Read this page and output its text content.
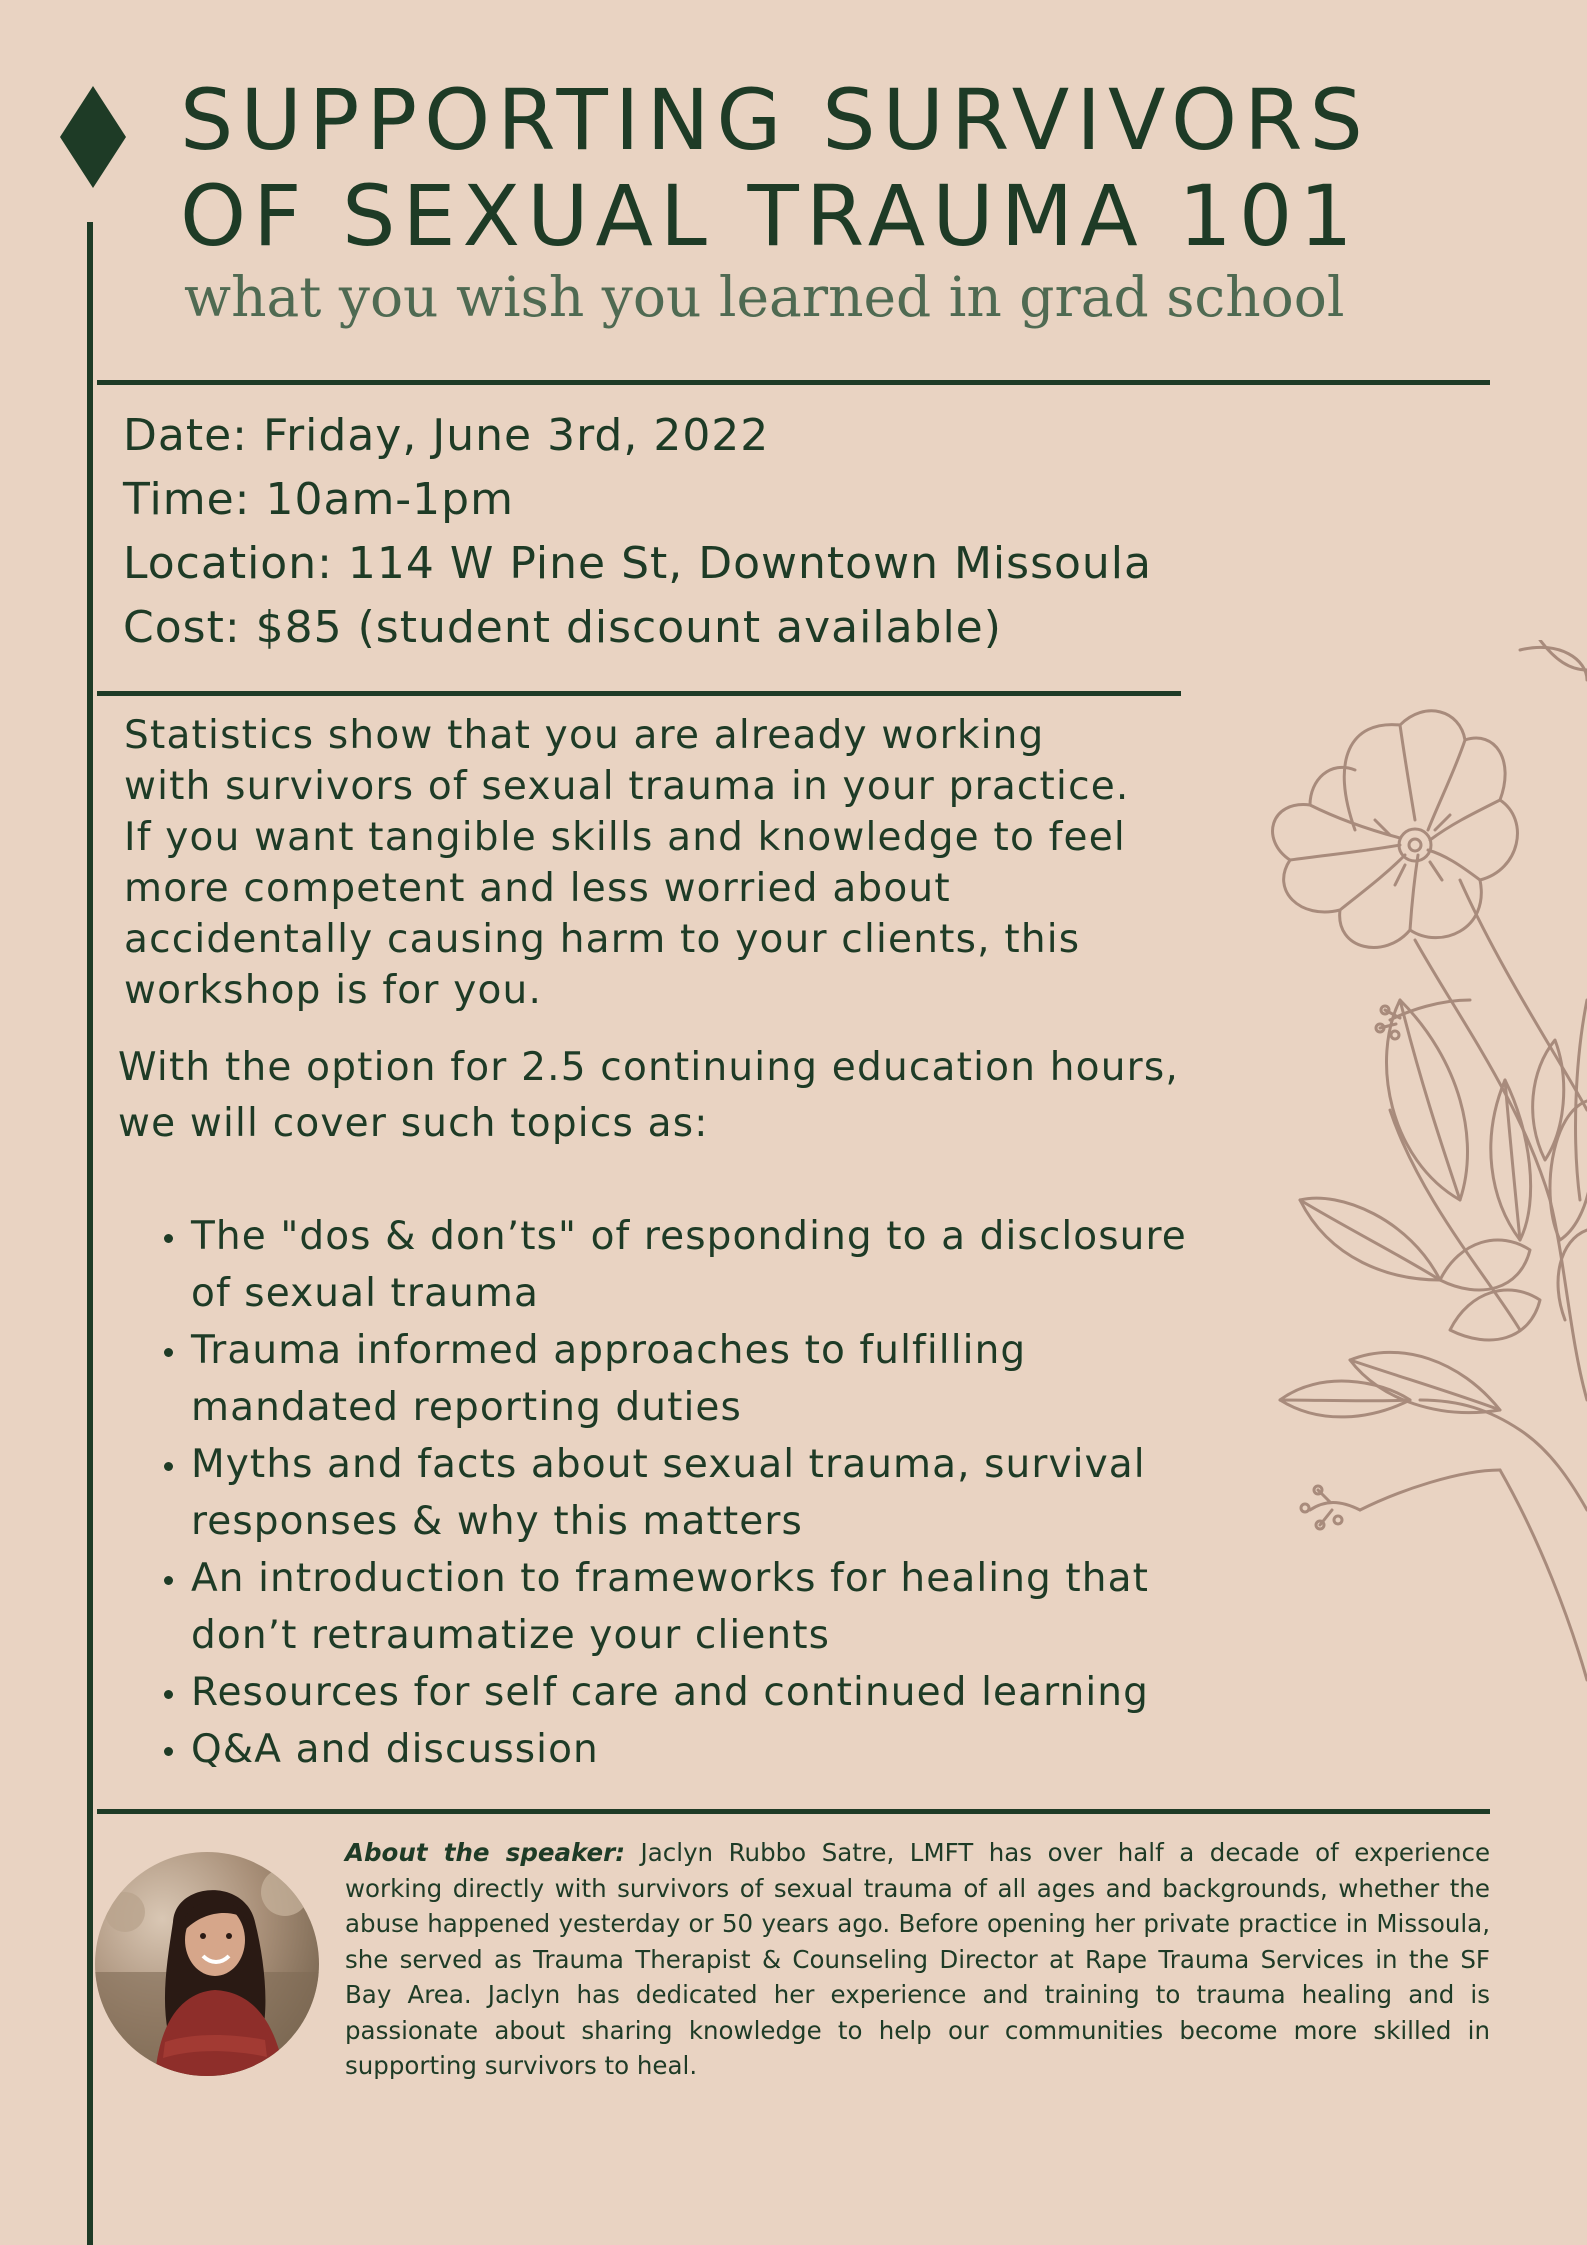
SUPPORTING SURVIVORS
OF SEXUAL TRAUMA 101
what you wish you learned in grad school
Date: Friday, June 3rd, 2022
Time: 10am-1pm
Location: 114 W Pine St, Downtown Missoula
Cost: $85 (student discount available)
Statistics show that you are already working with survivors of sexual trauma in your practice. If you want tangible skills and knowledge to feel more competent and less worried about accidentally causing harm to your clients, this workshop is for you.
With the option for 2.5 continuing education hours, we will cover such topics as:
The "dos & don’ts" of responding to a disclosure of sexual trauma
Trauma informed approaches to fulfilling mandated reporting duties
Myths and facts about sexual trauma, survival responses & why this matters
An introduction to frameworks for healing that don’t retraumatize your clients
Resources for self care and continued learning
Q&A and discussion
About the speaker: Jaclyn Rubbo Satre, LMFT has over half a decade of experience working directly with survivors of sexual trauma of all ages and backgrounds, whether the abuse happened yesterday or 50 years ago. Before opening her private practice in Missoula, she served as Trauma Therapist & Counseling Director at Rape Trauma Services in the SF Bay Area. Jaclyn has dedicated her experience and training to trauma healing and is passionate about sharing knowledge to help our communities become more skilled in supporting survivors to heal.
